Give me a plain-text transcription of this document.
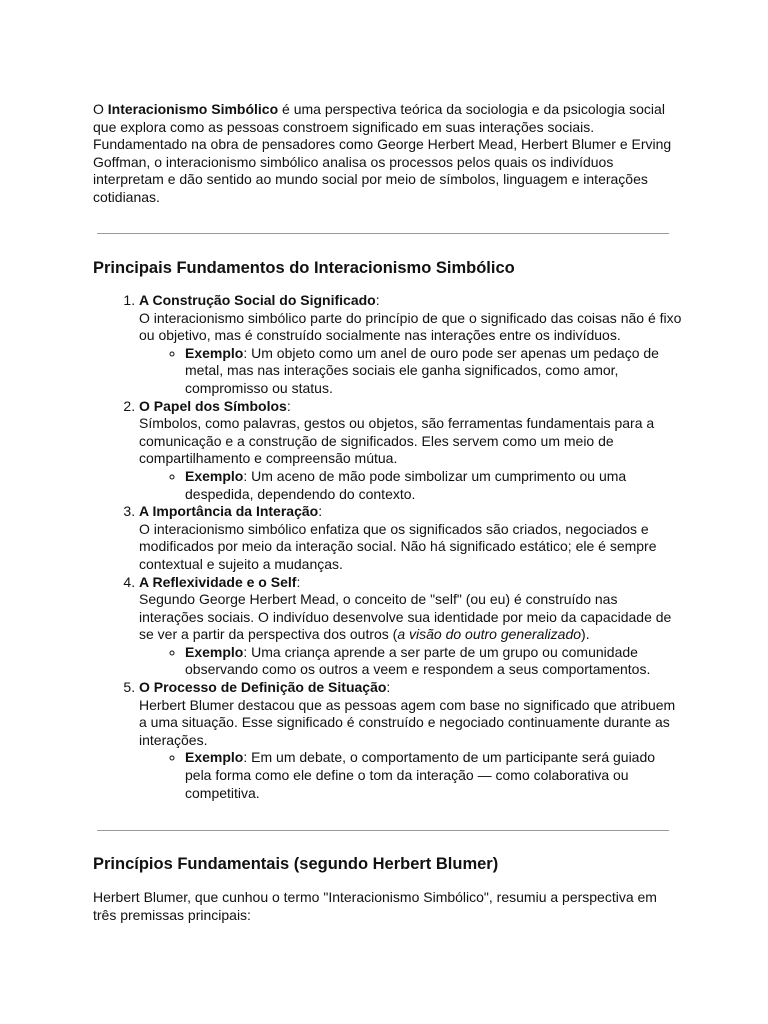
O Interacionismo Simbólico é uma perspectiva teórica da sociologia e da psicologia social que explora como as pessoas constroem significado em suas interações sociais. Fundamentado na obra de pensadores como George Herbert Mead, Herbert Blumer e Erving Goffman, o interacionismo simbólico analisa os processos pelos quais os indivíduos interpretam e dão sentido ao mundo social por meio de símbolos, linguagem e interações cotidianas.

Principais Fundamentos do Interacionismo Simbólico
1. A Construção Social do Significado:
O interacionismo simbólico parte do princípio de que o significado das coisas não é fixo ou objetivo, mas é construído socialmente nas interações entre os indivíduos.
◦ Exemplo: Um objeto como um anel de ouro pode ser apenas um pedaço de metal, mas nas interações sociais ele ganha significados, como amor, compromisso ou status.
2. O Papel dos Símbolos:
Símbolos, como palavras, gestos ou objetos, são ferramentas fundamentais para a comunicação e a construção de significados. Eles servem como um meio de compartilhamento e compreensão mútua.
◦ Exemplo: Um aceno de mão pode simbolizar um cumprimento ou uma despedida, dependendo do contexto.
3. A Importância da Interação:
O interacionismo simbólico enfatiza que os significados são criados, negociados e modificados por meio da interação social. Não há significado estático; ele é sempre contextual e sujeito a mudanças.
4. A Reflexividade e o Self:
Segundo George Herbert Mead, o conceito de "self" (ou eu) é construído nas interações sociais. O indivíduo desenvolve sua identidade por meio da capacidade de se ver a partir da perspectiva dos outros (a visão do outro generalizado).
◦ Exemplo: Uma criança aprende a ser parte de um grupo ou comunidade observando como os outros a veem e respondem a seus comportamentos.
5. O Processo de Definição de Situação:
Herbert Blumer destacou que as pessoas agem com base no significado que atribuem a uma situação. Esse significado é construído e negociado continuamente durante as interações.
◦ Exemplo: Em um debate, o comportamento de um participante será guiado pela forma como ele define o tom da interação — como colaborativa ou competitiva.
Princípios Fundamentais (segundo Herbert Blumer)

Herbert Blumer, que cunhou o termo "Interacionismo Simbólico", resumiu a perspectiva em três premissas principais:
